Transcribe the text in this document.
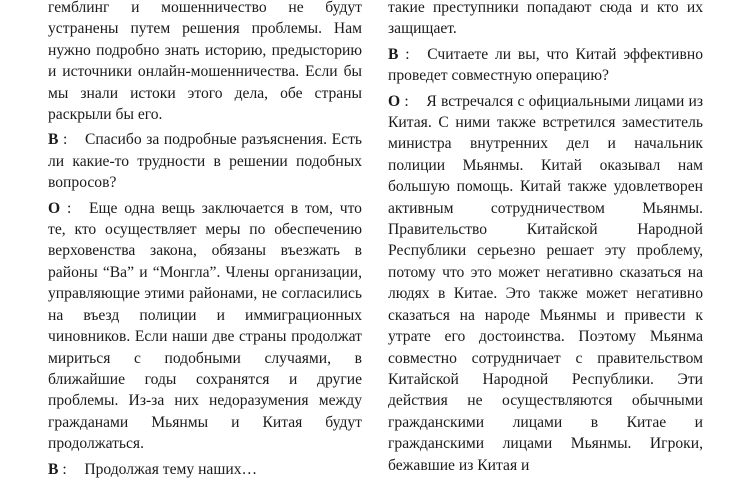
гемблинг и мошенничество не будут устранены путем решения проблемы. Нам нужно подробно знать историю, предысторию и источники онлайн-мошенничества. Если бы мы знали истоки этого дела, обе страны раскрыли бы его.

В : Спасибо за подробные разъяснения. Есть ли какие-то трудности в решении подобных вопросов?

О : Еще одна вещь заключается в том, что те, кто осуществляет меры по обеспечению верховенства закона, обязаны въезжать в районы “Ва” и “Монгла”. Члены организации, управляющие этими районами, не согласились на въезд полиции и иммиграционных чиновников. Если наши две страны продолжат мириться с подобными случаями, в ближайшие годы сохранятся и другие проблемы. Из-за них недоразумения между гражданами Мьянмы и Китая будут продолжаться.

В : Продолжая тему наших…

такие преступники попадают сюда и кто их защищает.

В : Считаете ли вы, что Китай эффективно проведет совместную операцию?

О : Я встречался с официальными лицами из Китая. С ними также встретился заместитель министра внутренних дел и начальник полиции Мьянмы. Китай оказывал нам большую помощь. Китай также удовлетворен активным сотрудничеством Мьянмы. Правительство Китайской Народной Республики серьезно решает эту проблему, потому что это может негативно сказаться на людях в Китае. Это также может негативно сказаться на народе Мьянмы и привести к утрате его достоинства. Поэтому Мьянма совместно сотрудничает с правительством Китайской Народной Республики. Эти действия не осуществляются обычными гражданскими лицами в Китае и гражданскими лицами Мьянмы. Игроки, бежавшие из Китая и
